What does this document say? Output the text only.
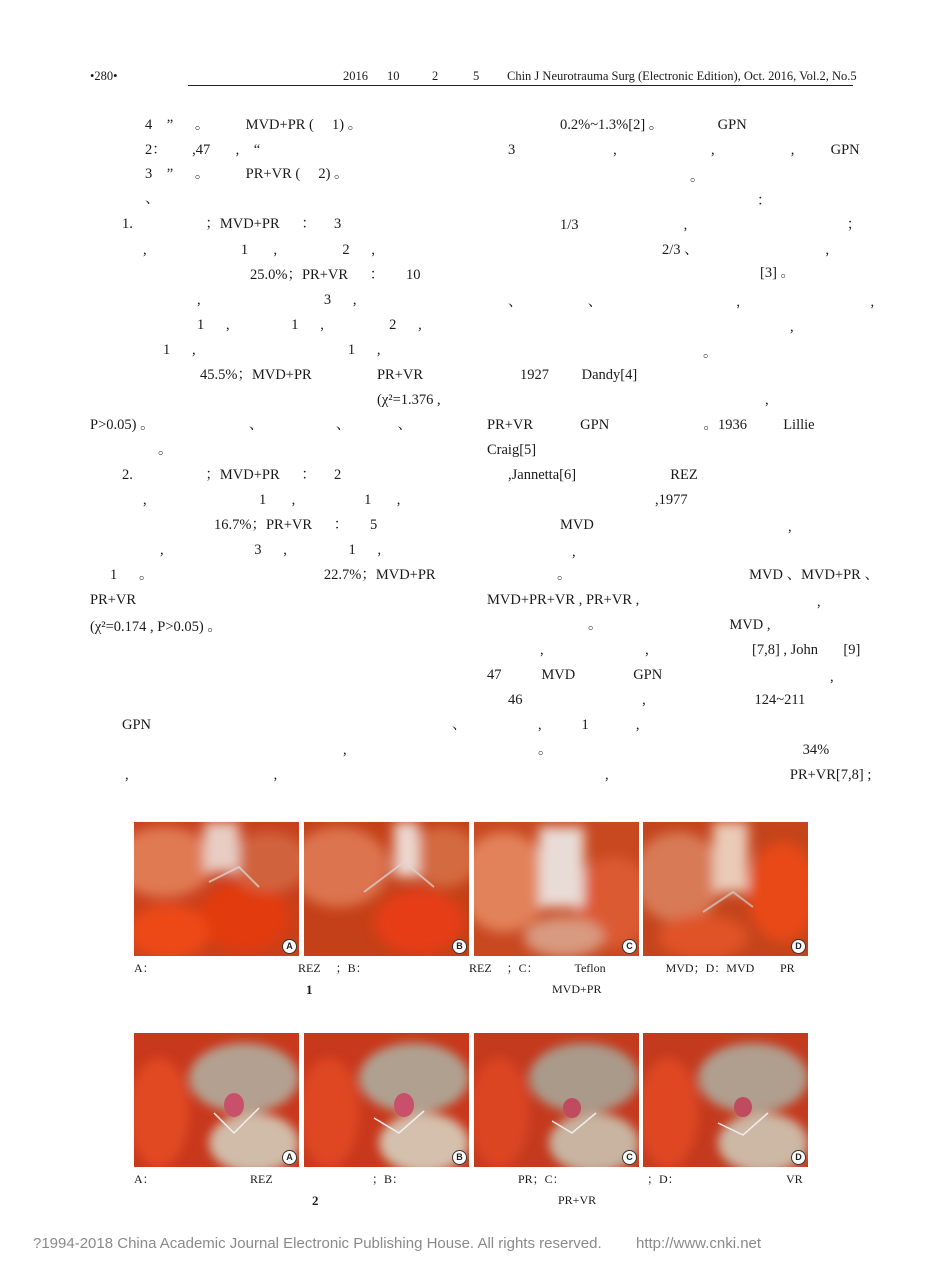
•280•	2016 10	2	5 Chin J Neurotrauma Surg (Electronic Edition), Oct. 2016, Vol.2, No.5
4    ”      。          MVD+PR (     1) 。
2：       ,47       ,    “
3    ”      。          PR+VR (     2) 。
、
1.                    ；MVD+PR      ：     3
,                          1       ,                  2      ,
25.0%；PR+VR      ：      10
,                                  3      ,
1      ,                 1      ,                  2      ,
1      ,                                          1      ,
45.5%；MVD+PR                  PR+VR
(χ²=1.376 ,
P>0.05) 。                          、                    、             、
。
2.                    ；MVD+PR      ：     2
,                               1       ,                   1       ,
16.7%；PR+VR      ：      5
,                         3      ,                 1      ,
1      。                                               22.7%；MVD+PR
PR+VR
(χ²=0.174 , P>0.05) 。
GPN	、
,
,                                        ,
0.2%~1.3%[2] 。               GPN
3                           ,                          ,                     ,          GPN
。
：
1/3                             ,                                            ；
2/3 、                                   ,
[3] 。
、                  、                                     ,                                    ,
,
。
1927         Dandy[4]
,
PR+VR             GPN                          。1936          Lillie
Craig[5]
,Jannetta[6]                          REZ
,1977
MVD	,
,
。                                                 MVD 、MVD+PR 、
MVD+PR+VR , PR+VR ,	,
。                                   MVD ,
,                            ,	[7,8] , John       [9]
47           MVD                GPN	,
46                                 ,                              124~211
,           1             ,
。                                                                     34%
,                                                  PR+VR[7,8] ;
A	B	C	D
A：	REZ     ；B：	REZ     ；C：            Teflon                    MVD；D：MVD PR
1	MVD+PR
A	B	C	D
A：	REZ	；B：	PR；C：	；D：	VR
2	PR+VR
?1994-2018 China Academic Journal Electronic Publishing House. All rights reserved. http://www.cnki.net
